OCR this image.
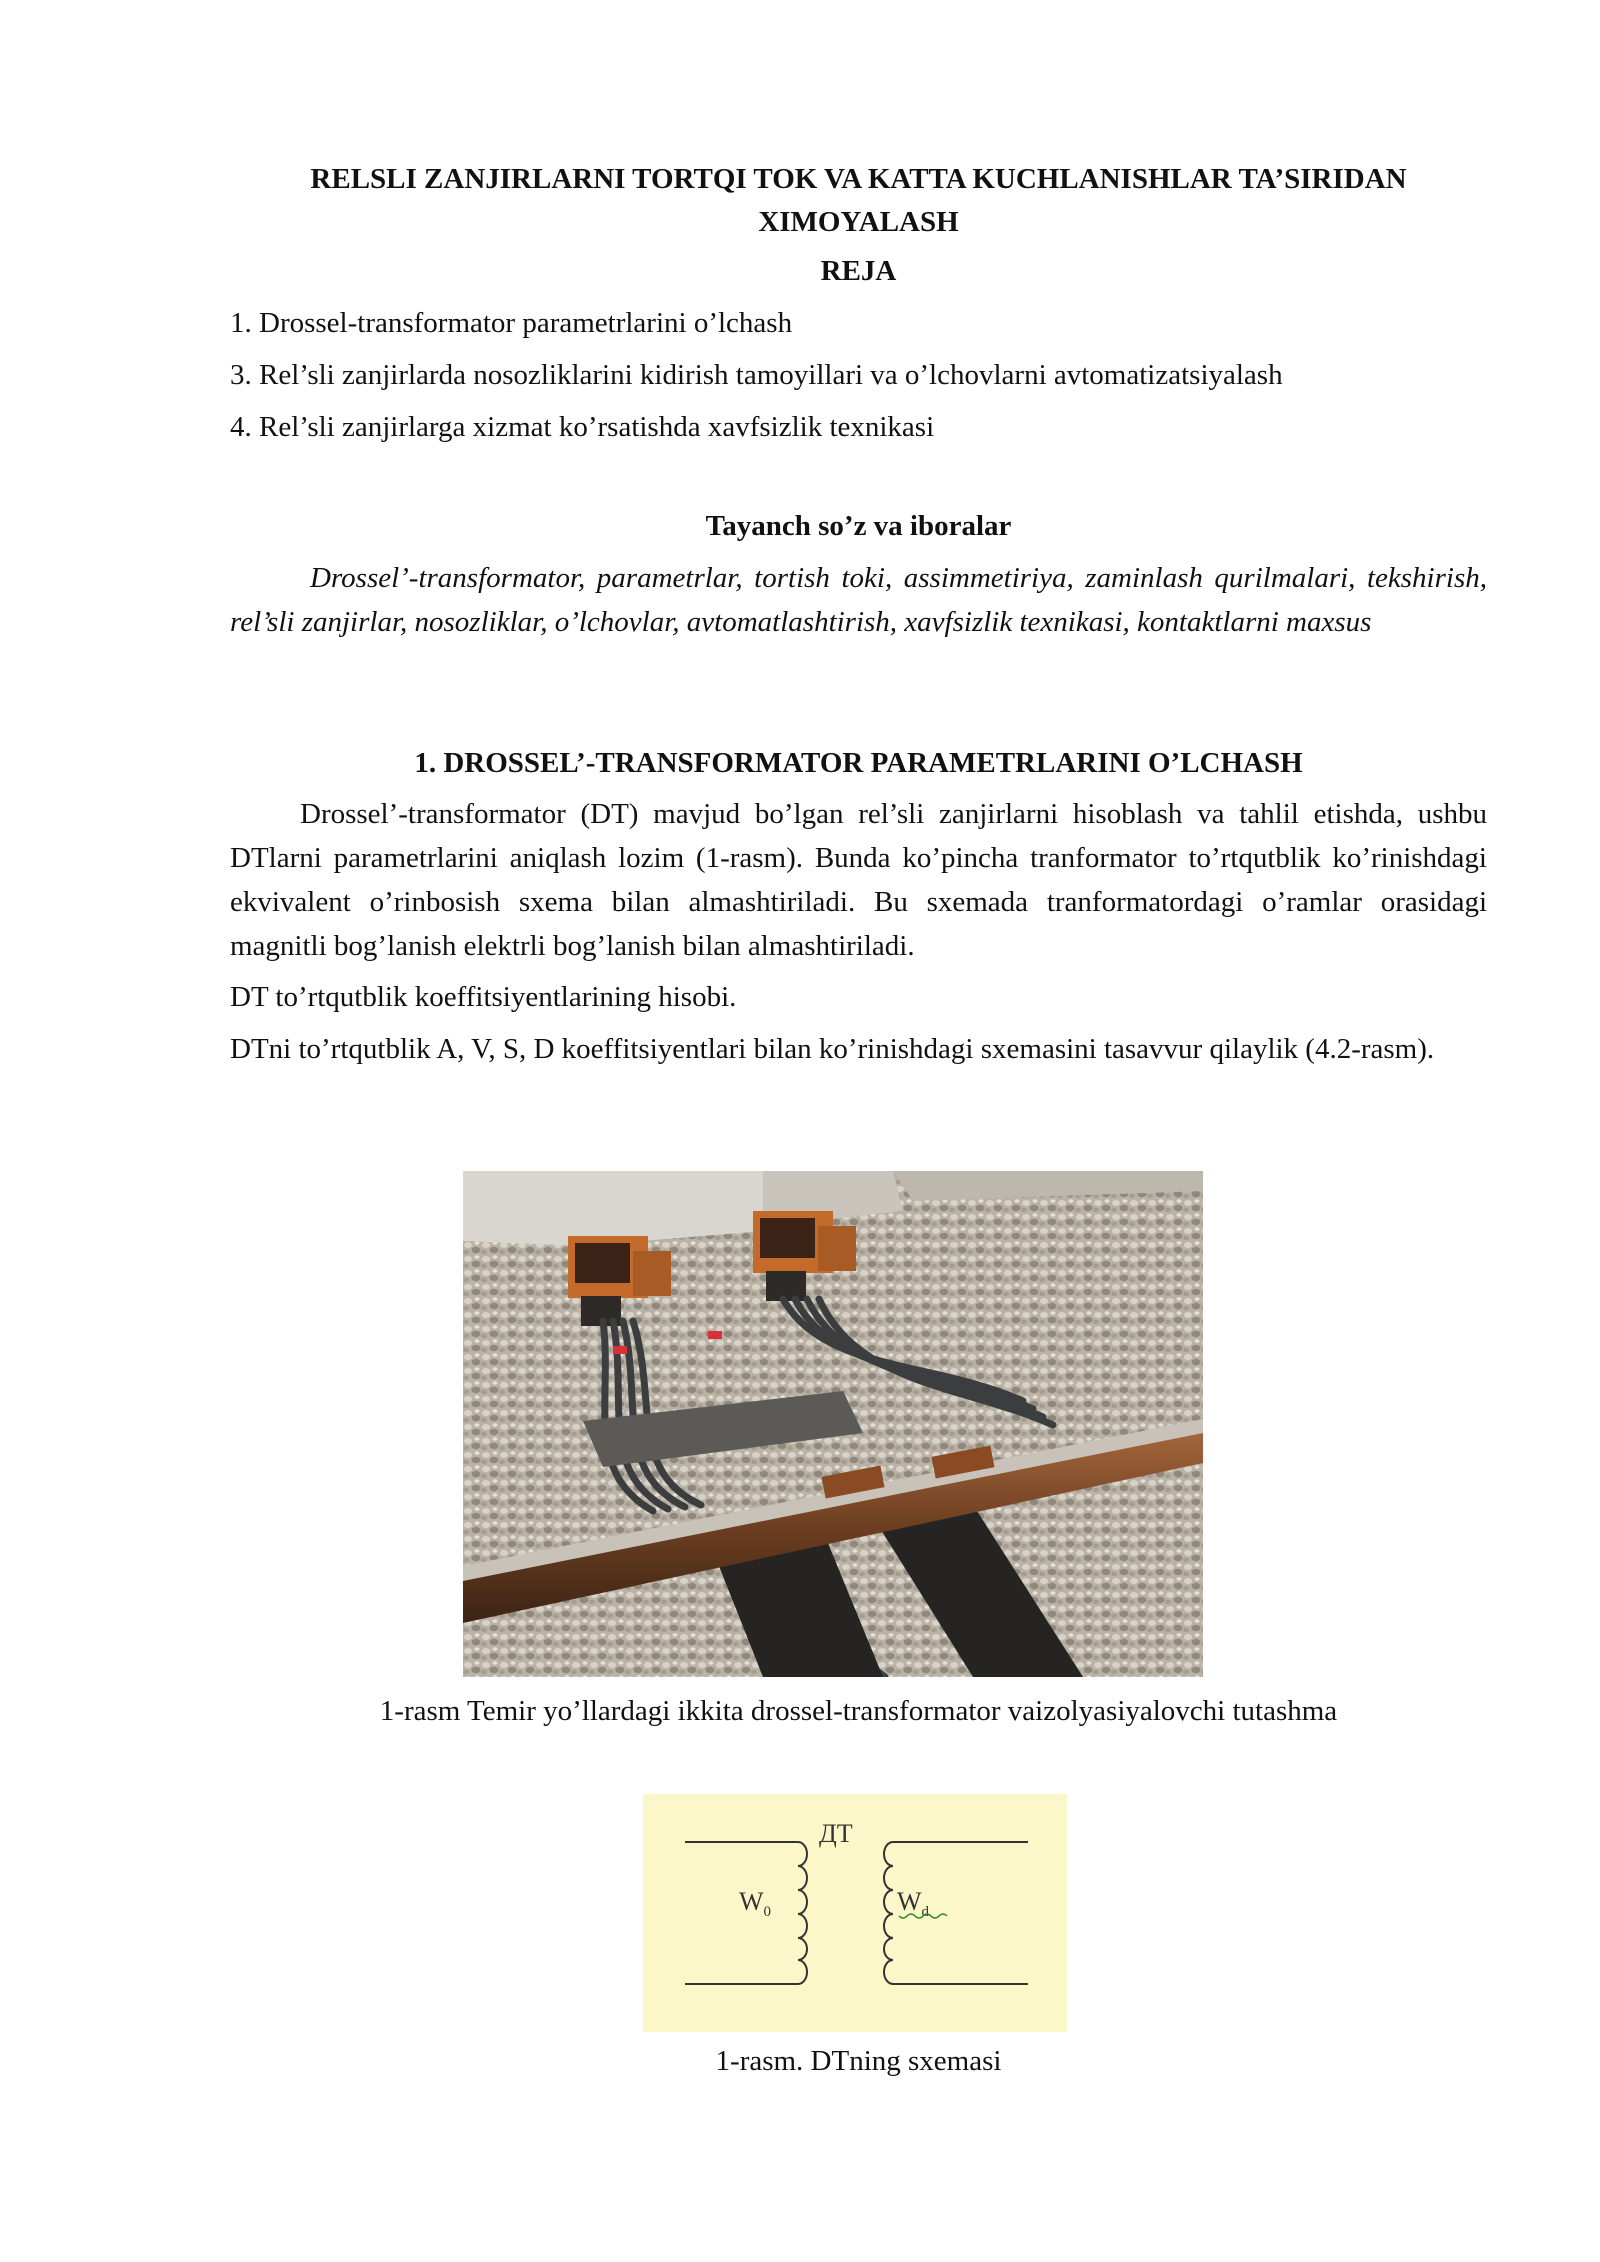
RELSLI ZANJIRLARNI TORTQI TOK VA KATTA KUCHLANISHLAR TA’SIRIDAN
XIMOYALASH
REJA
1. Drossel-transformator parametrlarini o’lchash
3. Rel’sli zanjirlarda nosozliklarini kidirish tamoyillari va o’lchovlarni avtomatizatsiyalash
4. Rel’sli zanjirlarga xizmat ko’rsatishda xavfsizlik texnikasi
Tayanch so’z va iboralar
Drossel’-transformator, parametrlar, tortish toki, assimmetiriya, zaminlash qurilmalari, tekshirish, rel’sli zanjirlar, nosozliklar, o’lchovlar, avtomatlashtirish, xavfsizlik texnikasi, kontaktlarni maxsus
1. DROSSEL’-TRANSFORMATOR PARAMETRLARINI O’LCHASH
Drossel’-transformator (DT) mavjud bo’lgan rel’sli zanjirlarni hisoblash va tahlil etishda, ushbu DTlarni parametrlarini aniqlash lozim (1-rasm). Bunda ko’pincha tranformator to’rtqutblik ko’rinishdagi ekvivalent o’rinbosish sxema bilan almashtiriladi. Bu sxemada tranformatordagi o’ramlar orasidagi magnitli bog’lanish elektrli bog’lanish bilan almashtiriladi.
DT to’rtqutblik koeffitsiyentlarining hisobi.
DTni to’rtqutblik A, V, S, D koeffitsiyentlari bilan ko’rinishdagi sxemasini tasavvur qilaylik (4.2-rasm).
1-rasm Temir yo’llardagi ikkita drossel-transformator vaizolyasiyalovchi tutashma
ДТ
$W_0$	$W_d$
1-rasm. DTning sxemasi
